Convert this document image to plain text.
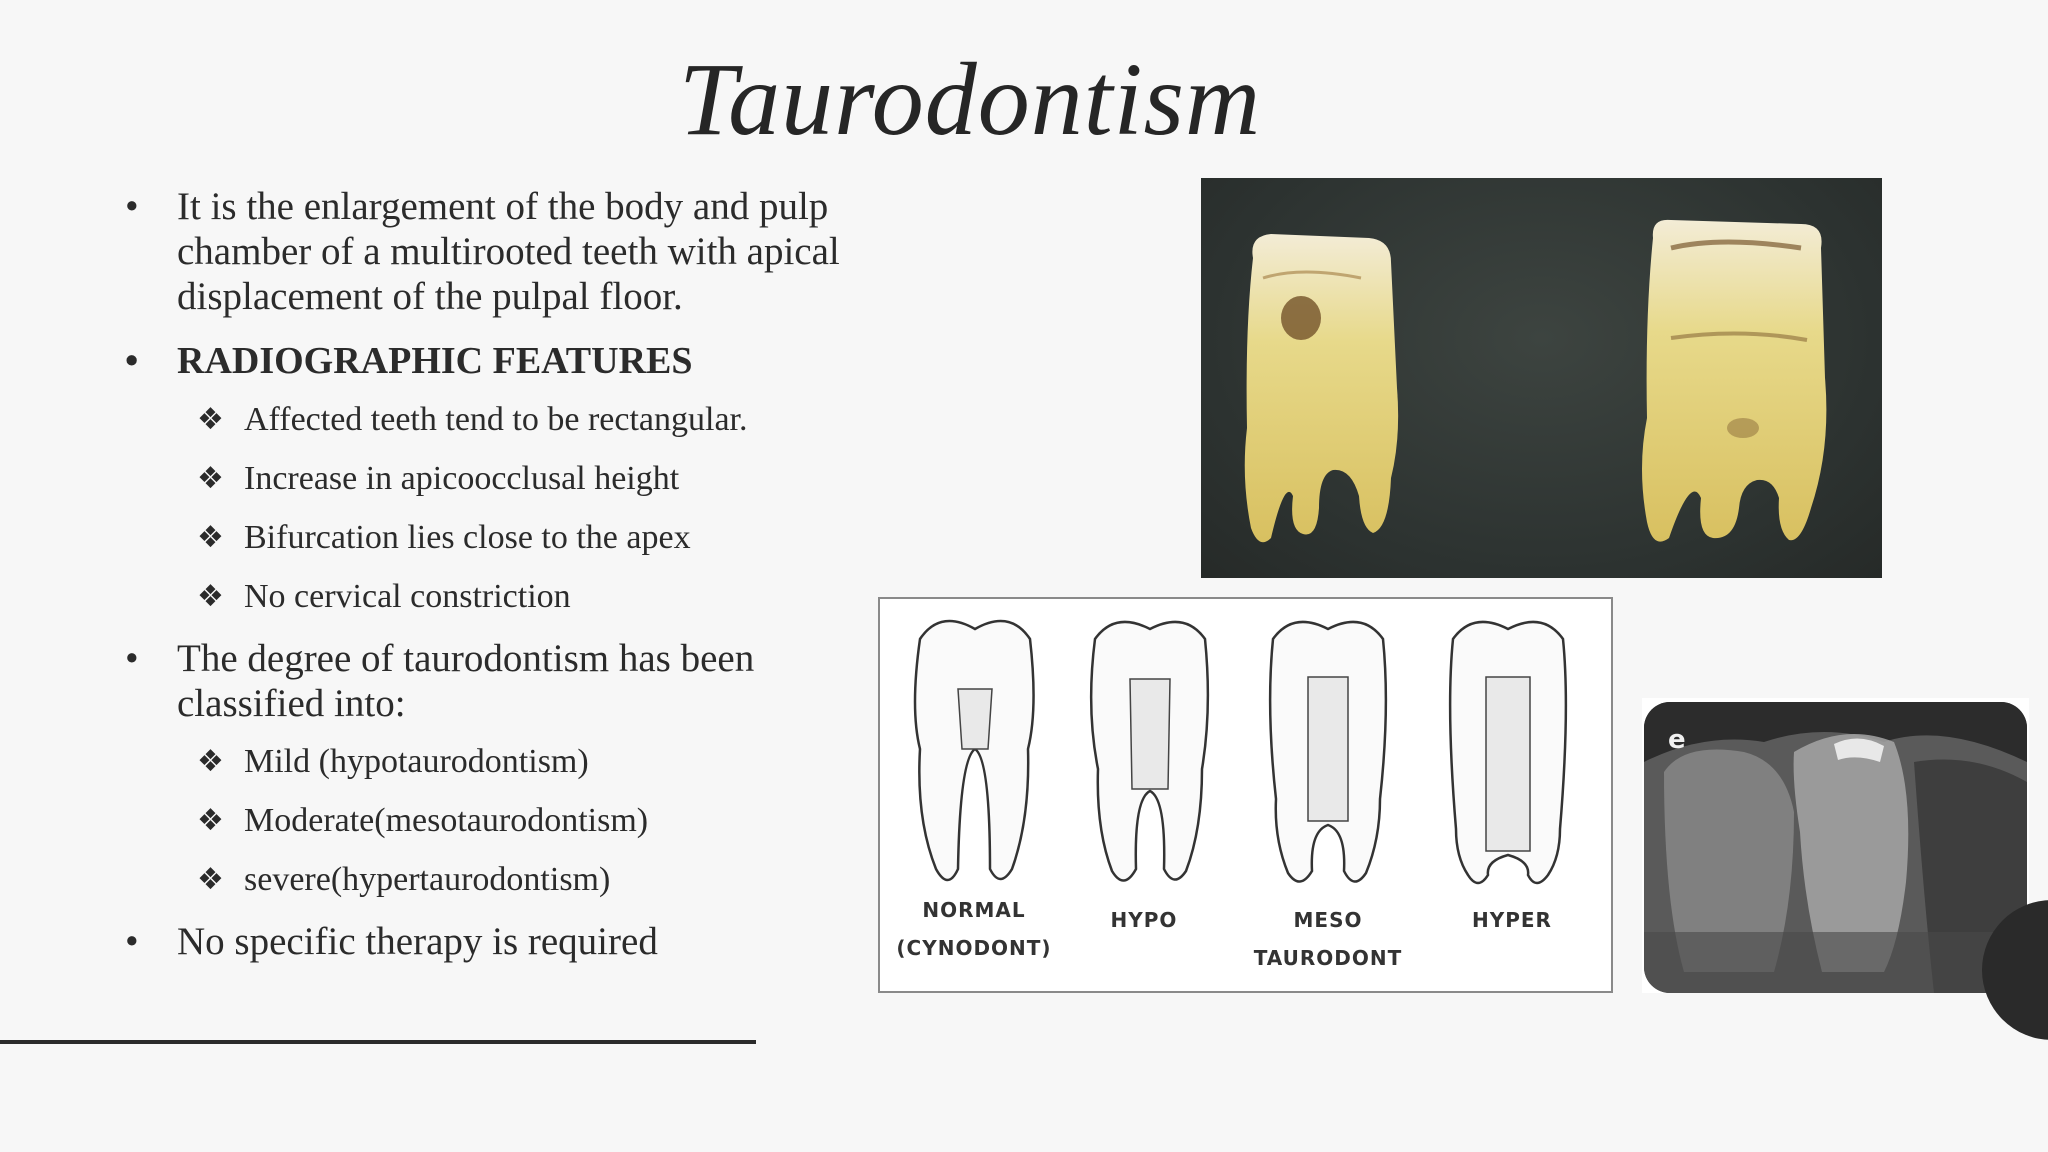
Taurodontism
• It is the enlargement of the body and pulp chamber of a multirooted teeth with apical displacement of the pulpal floor.
• RADIOGRAPHIC FEATURES
❖ Affected teeth tend to be rectangular.
❖ Increase in apicoocclusal height
❖ Bifurcation lies close to the apex
❖ No cervical constriction
• The degree of taurodontism has been classified into:
❖ Mild (hypotaurodontism)
❖ Moderate(mesotaurodontism)
❖ severe(hypertaurodontism)
• No specific therapy is required
NORMAL
(CYNODONT)
HYPO	MESO
TAURODONT
HYPER
e
